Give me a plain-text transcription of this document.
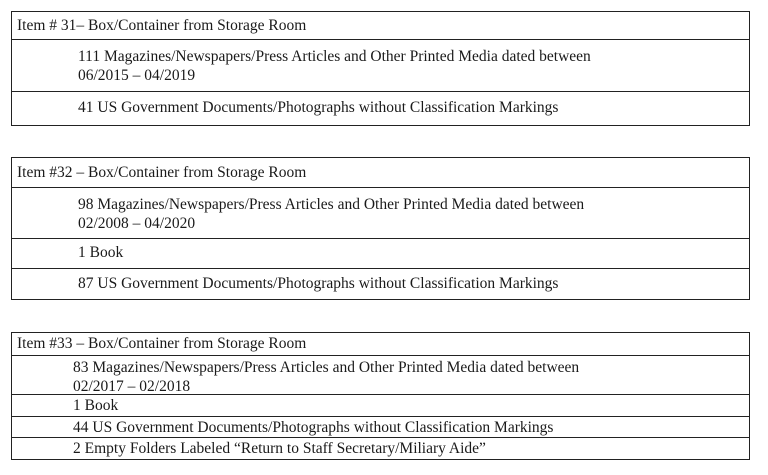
Item # 31– Box/Container from Storage Room
111 Magazines/Newspapers/Press Articles and Other Printed Media dated between
06/2015 – 04/2019
41 US Government Documents/Photographs without Classification Markings
Item #32 – Box/Container from Storage Room
98 Magazines/Newspapers/Press Articles and Other Printed Media dated between
02/2008 – 04/2020
1 Book
87 US Government Documents/Photographs without Classification Markings
Item #33 – Box/Container from Storage Room
83 Magazines/Newspapers/Press Articles and Other Printed Media dated between
02/2017 – 02/2018
1 Book
44 US Government Documents/Photographs without Classification Markings
2 Empty Folders Labeled “Return to Staff Secretary/Miliary Aide”
